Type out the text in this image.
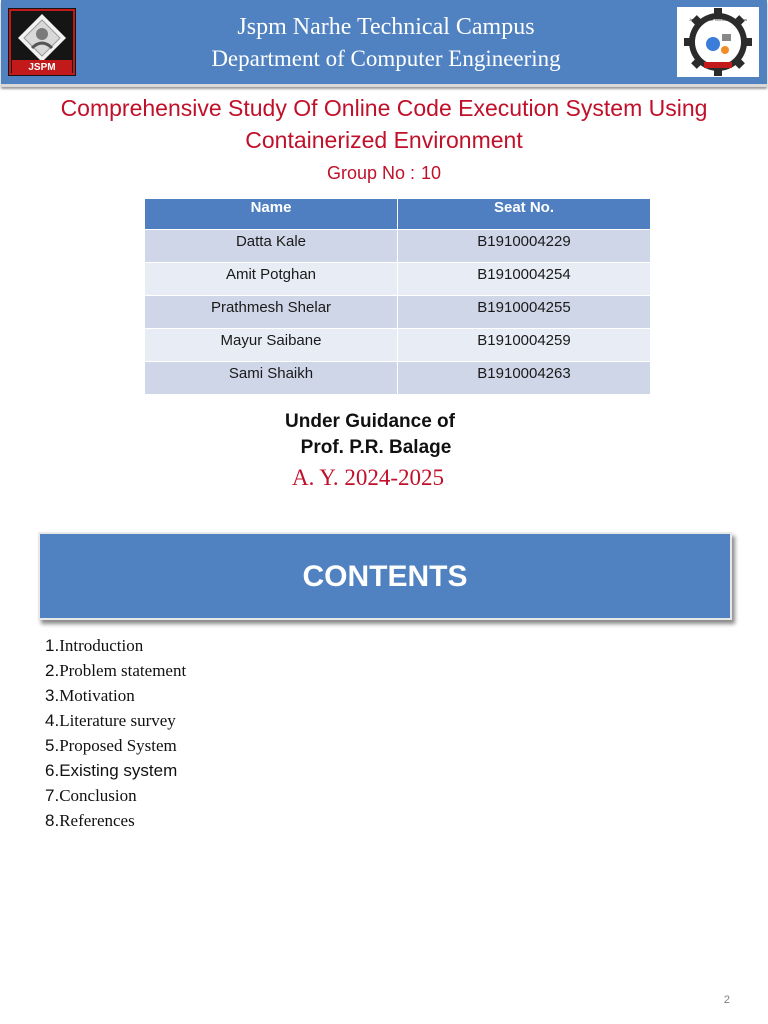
JSPM
Jspm Narhe Technical Campus
Department of Computer Engineering
Jspm's Narhe Technical Campus
Comprehensive Study Of Online Code Execution System Using Containerized Environment
Group No : 10
Name	Seat No.
Datta Kale	B1910004229
Amit Potghan	B1910004254
Prathmesh Shelar	B1910004255
Mayur Saibane	B1910004259
Sami Shaikh	B1910004263
Under Guidance of
Prof. P.R. Balage
A. Y. 2024-2025
CONTENTS
1.Introduction
2.Problem statement
3.Motivation
4.Literature survey
5.Proposed System
6.Existing system
7.Conclusion
8.References
2
